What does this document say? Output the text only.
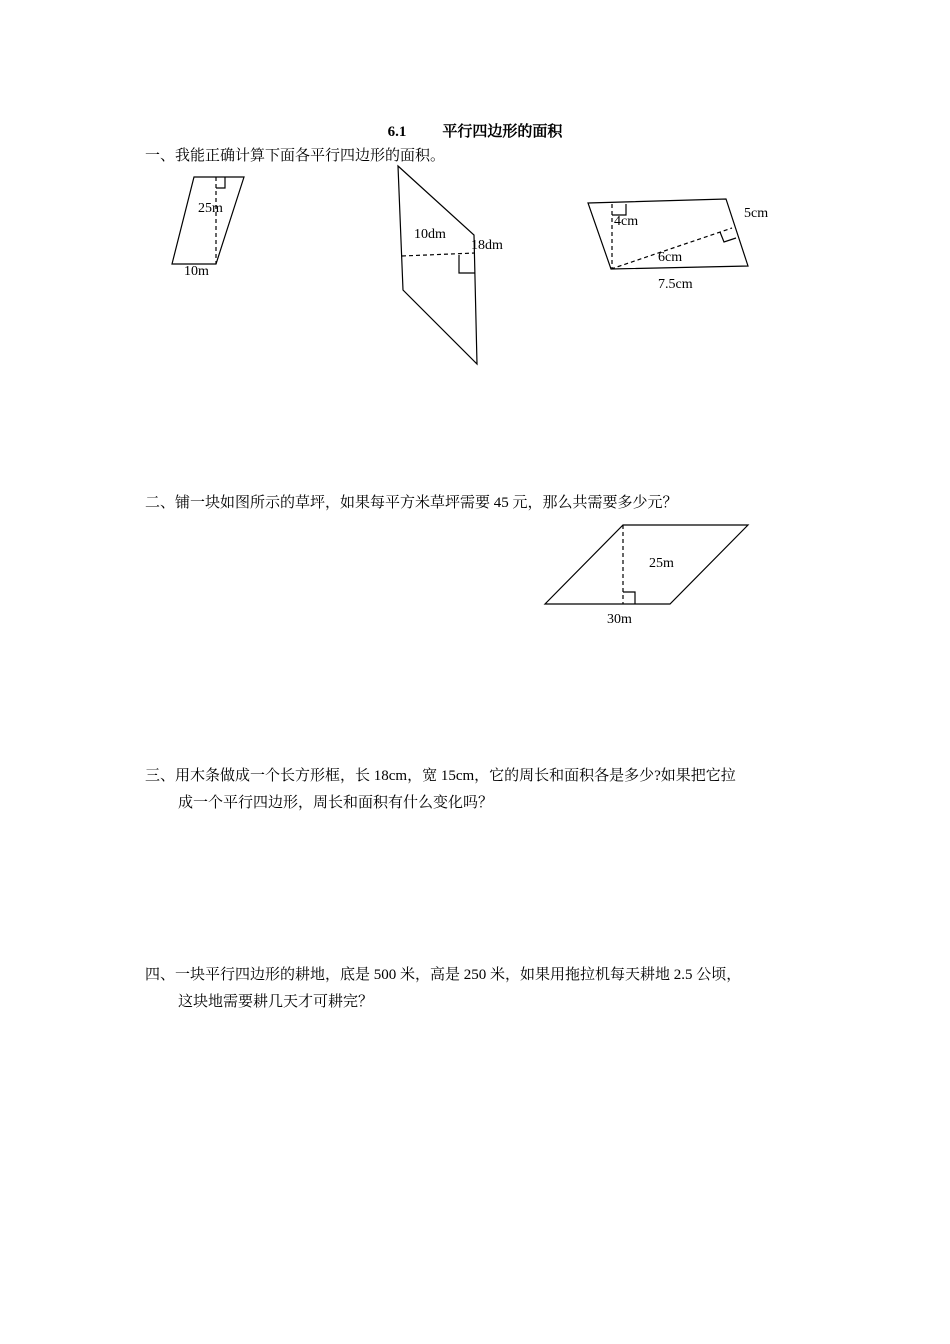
6.1 平行四边形的面积
一、我能正确计算下面各平行四边形的面积。
25m
10m
10dm
18dm
4cm
5cm
6cm
7.5cm
二、铺一块如图所示的草坪，如果每平方米草坪需要 45 元，那么共需要多少元？
25m
30m
三、用木条做成一个长方形框，长 18cm，宽 15cm，它的周长和面积各是多少?如果把它拉
成一个平行四边形，周长和面积有什么变化吗？
四、一块平行四边形的耕地，底是 500 米，高是 250 米，如果用拖拉机每天耕地 2.5 公顷，
这块地需要耕几天才可耕完？
